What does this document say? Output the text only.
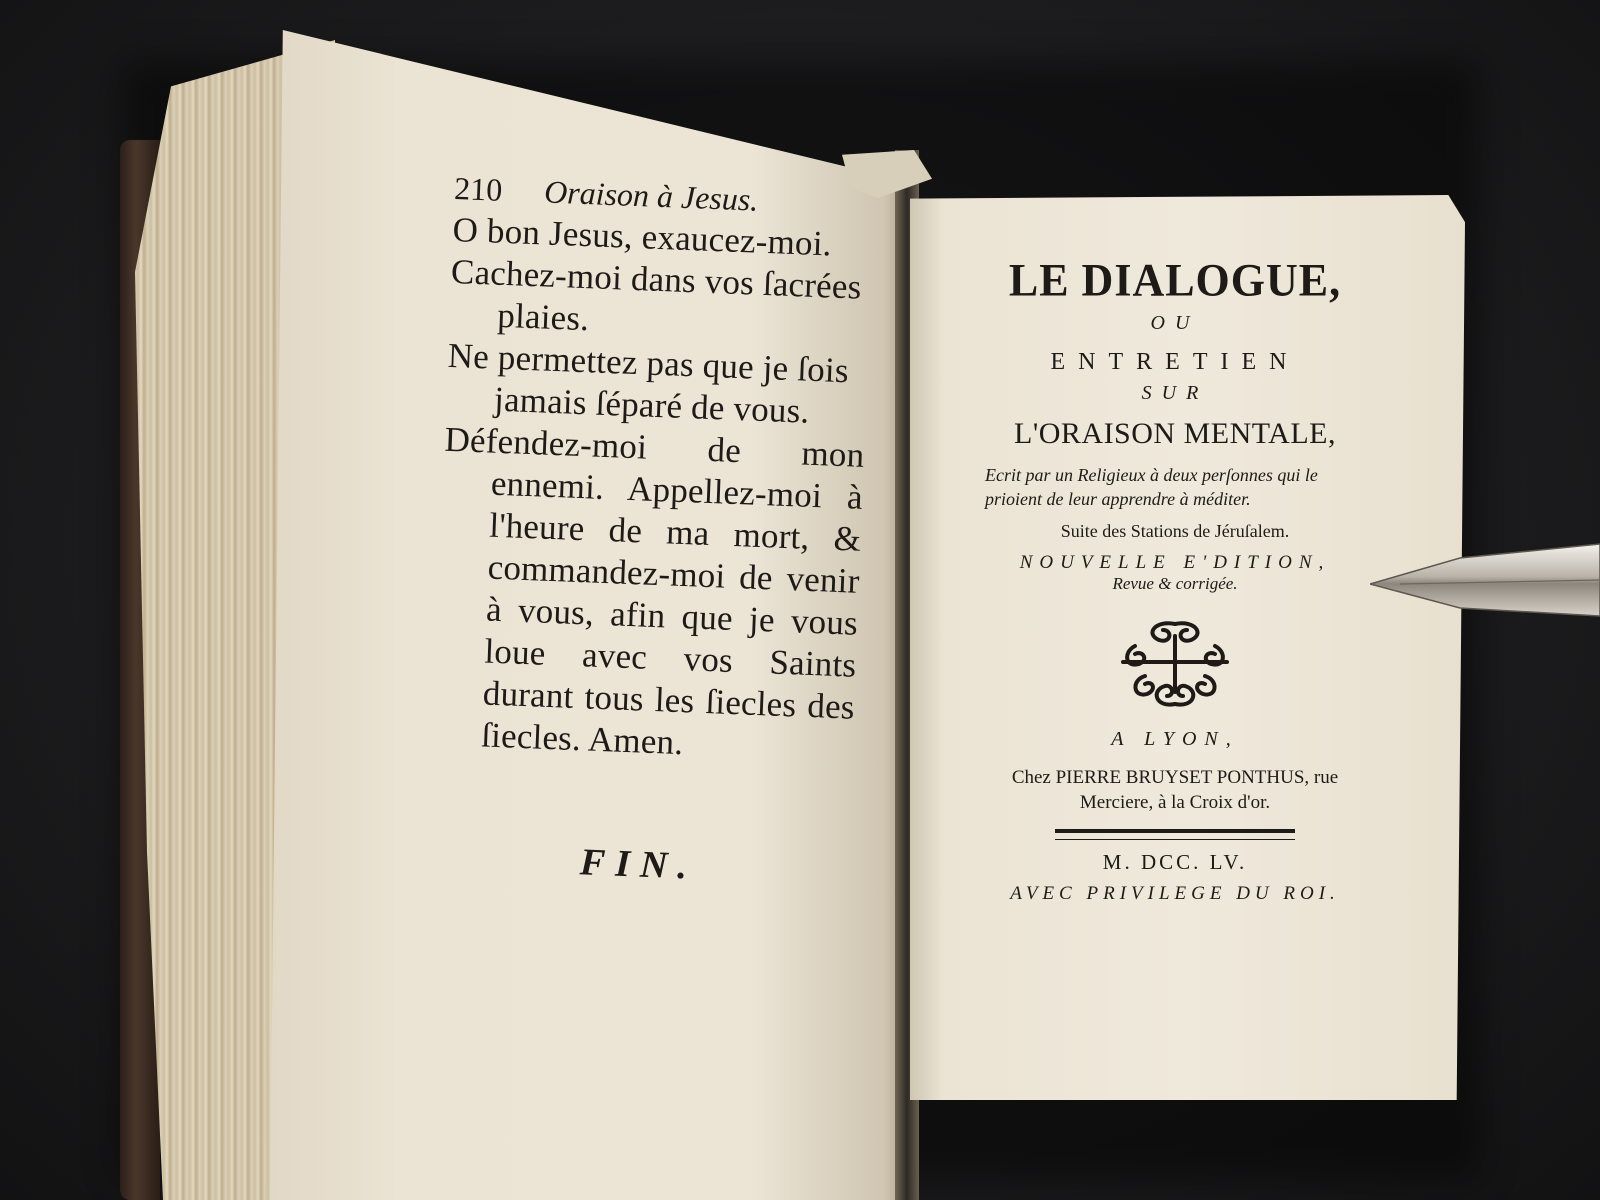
210 Oraison à Jesus.

O bon Jesus, exaucez-moi.

Cachez-moi dans vos ſacrées plaies.

Ne permettez pas que je ſois jamais ſéparé de vous.

Défendez-moi de mon ennemi. Appellez-moi à l'heure de ma mort, & commandez-moi de venir à vous, afin que je vous loue avec vos Saints durant tous les ſiecles des ſiecles. Amen.

FIN.
LE DIALOGUE,
OU
ENTRETIEN
SUR
L'ORAISON MENTALE,
Ecrit par un Religieux à deux perſonnes qui le prioient de leur apprendre à méditer.
Suite des Stations de Jéruſalem.
NOUVELLE E'DITION,
Revue & corrigée.
A LYON,
Chez PIERRE BRUYSET PONTHUS, rue Merciere, à la Croix d'or.
M. DCC. LV.
AVEC PRIVILEGE DU ROI.
